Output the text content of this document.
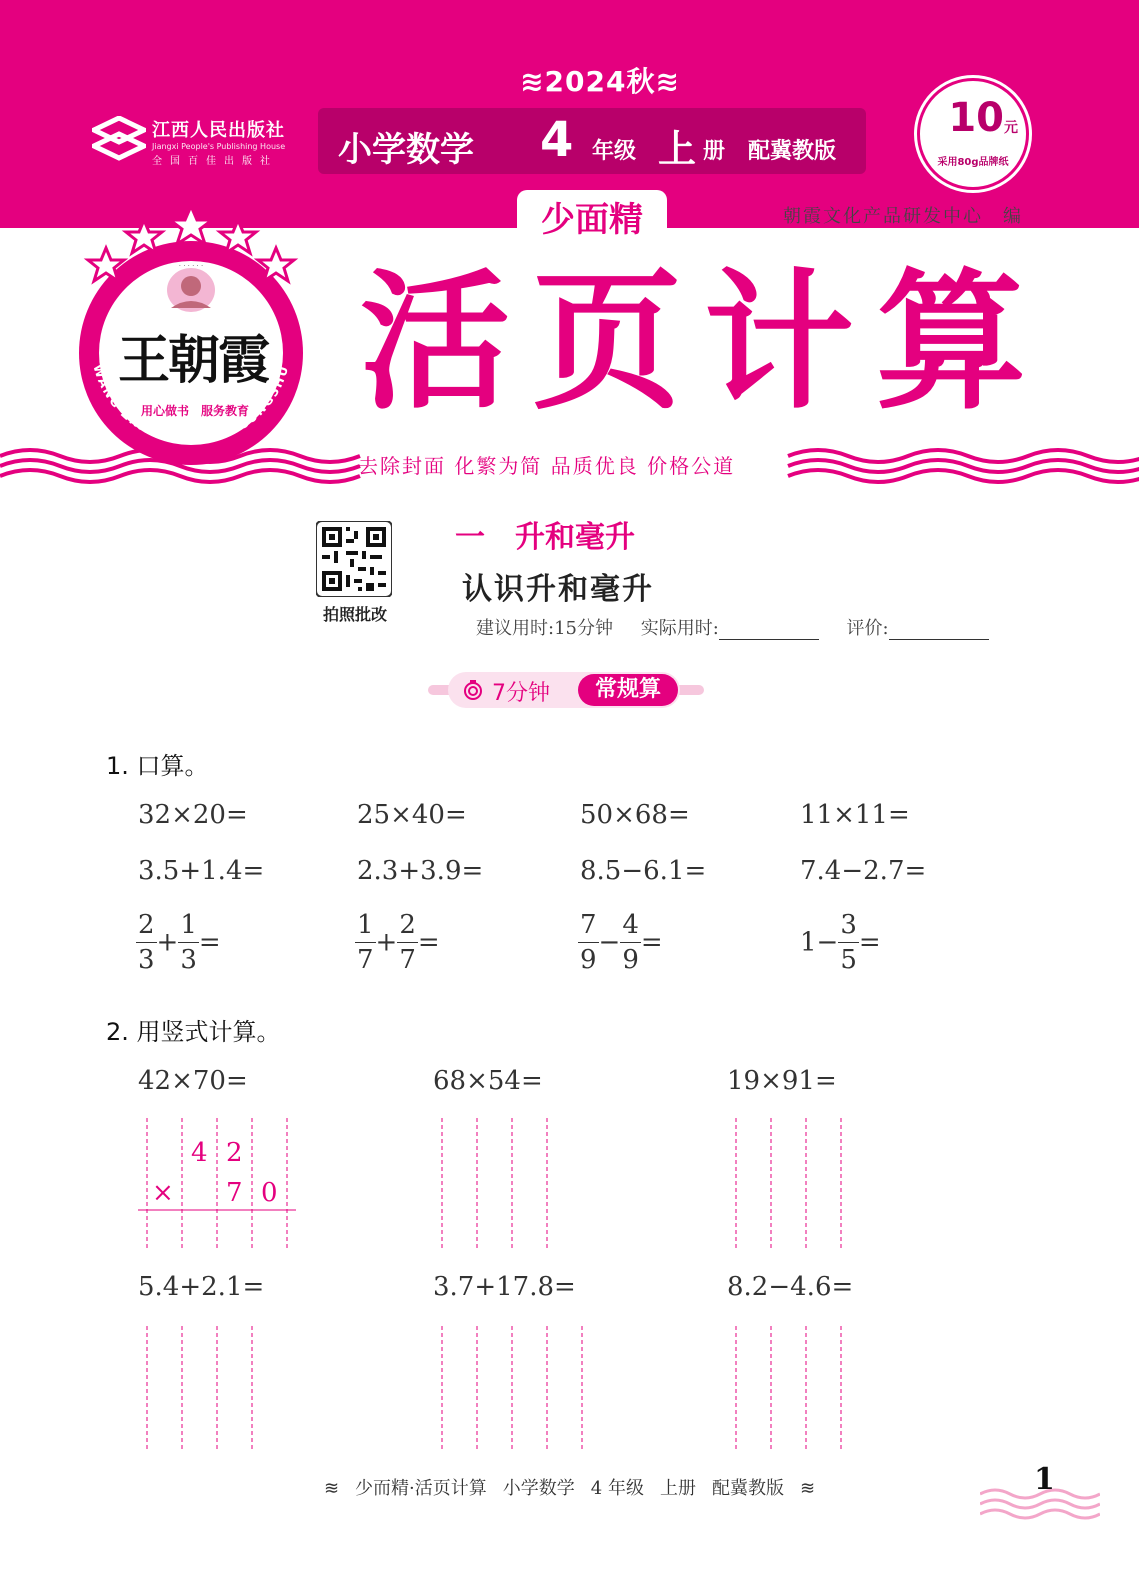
≋2024秋≋
江西人民出版社
Jiangxi People's Publishing House
全国百佳出版社	小学数学 4 年级 上 册 配冀教版
10 元
采用80g品牌纸
少面精	朝霞文化产品研发中心　编
· · · · · ·
WANG ZHAOXIA XILIE CONGSHU
王朝霞
用心做书　服务教育 活页计算
去除封面 化繁为简 品质优良 价格公道
拍照批改
一　升和毫升
认识升和毫升
建议用时:15分钟 实际用时:	评价:
7分钟	常规算
1. 口算。
32×20=	25×40=	50×68=	11×11=
3.5+1.4=	2.3+3.9=	8.5−6.1=	7.4−2.7=
$\frac{2}{3} + \frac{1}{3}$ =	$\frac{1}{7} + \frac{2}{7}$ =	$\frac{7}{9} - \frac{4}{9}$ =	$1- \frac{3}{5}$ =
2. 用竖式计算。
42×70=	68×54=	19×91=
4 2
× 7 0
5.4+2.1=	3.7+17.8=	8.2−4.6=
≋ 少而精·活页计算 小学数学 4 年级 上册 配冀教版 ≋	1
